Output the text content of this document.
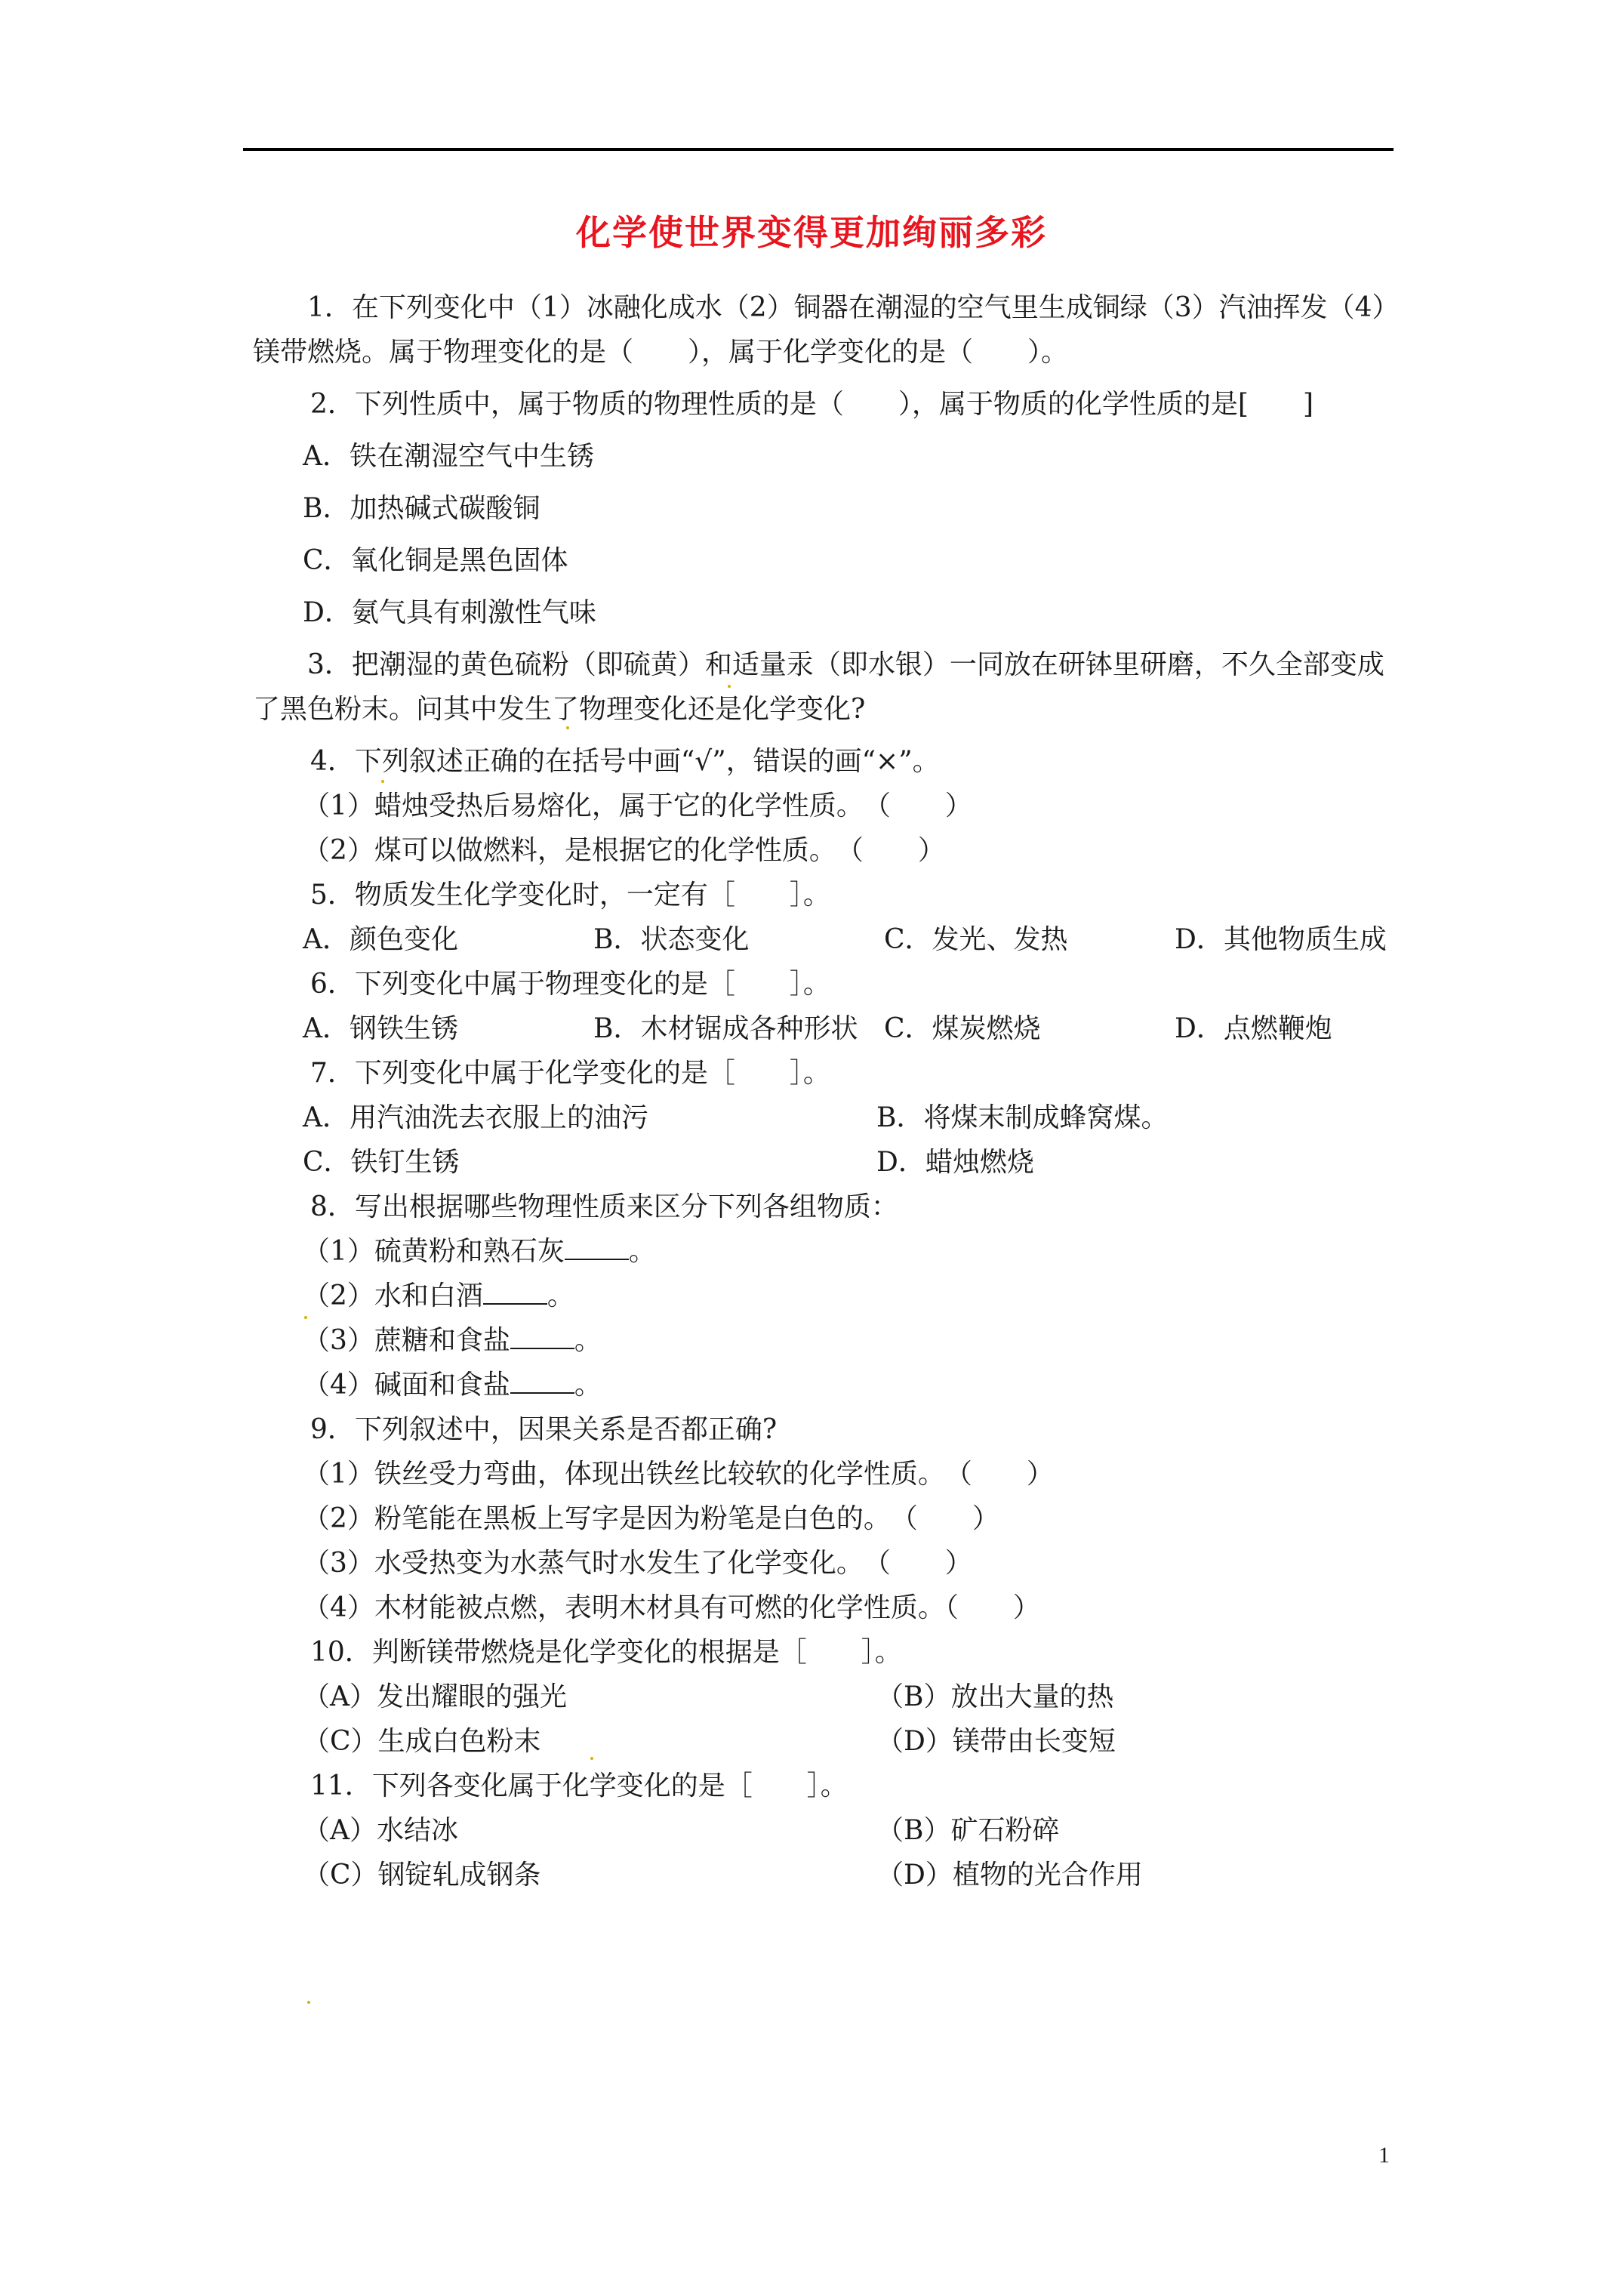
化学使世界变得更加绚丽多彩
1．在下列变化中（1）冰融化成水（2）铜器在潮湿的空气里生成铜绿（3）汽油挥发（4）镁带燃烧。属于物理变化的是（　　），属于化学变化的是（　　）。
2．下列性质中，属于物质的物理性质的是（　　），属于物质的化学性质的是[　　]
A．铁在潮湿空气中生锈
B．加热碱式碳酸铜
C．氧化铜是黑色固体
D．氨气具有刺激性气味
3．把潮湿的黄色硫粉（即硫黄）和适量汞（即水银）一同放在研钵里研磨，不久全部变成了黑色粉末。问其中发生了物理变化还是化学变化?
4．下列叙述正确的在括号中画“√”，错误的画“×”。
（1）蜡烛受热后易熔化，属于它的化学性质。　（　　）
（2）煤可以做燃料，是根据它的化学性质。　（　　）
5．物质发生化学变化时，一定有［　　］。
A．颜色变化	B．状态变化	C．发光、发热	D．其他物质生成
6．下列变化中属于物理变化的是［　　］。
A．钢铁生锈	B．木材锯成各种形状 C．煤炭燃烧	D．点燃鞭炮
7．下列变化中属于化学变化的是［　　］。
A．用汽油洗去衣服上的油污	B．将煤末制成蜂窝煤。
C．铁钉生锈	D．蜡烛燃烧
8．写出根据哪些物理性质来区分下列各组物质：
（1）硫黄粉和熟石灰 。
（2）水和白酒 。
（3）蔗糖和食盐 。
（4）碱面和食盐 。
9．下列叙述中，因果关系是否都正确?
（1）铁丝受力弯曲，体现出铁丝比较软的化学性质。　（　　）
（2）粉笔能在黑板上写字是因为粉笔是白色的。　（　　）
（3）水受热变为水蒸气时水发生了化学变化。　（　　）
（4）木材能被点燃，表明木材具有可燃的化学性质。（　　）
10．判断镁带燃烧是化学变化的根据是［　　］。
（A）发出耀眼的强光	（B）放出大量的热
（C）生成白色粉末	（D）镁带由长变短
11．下列各变化属于化学变化的是［　　］。
（A）水结冰	（B）矿石粉碎
（C）钢锭轧成钢条	（D）植物的光合作用
1
